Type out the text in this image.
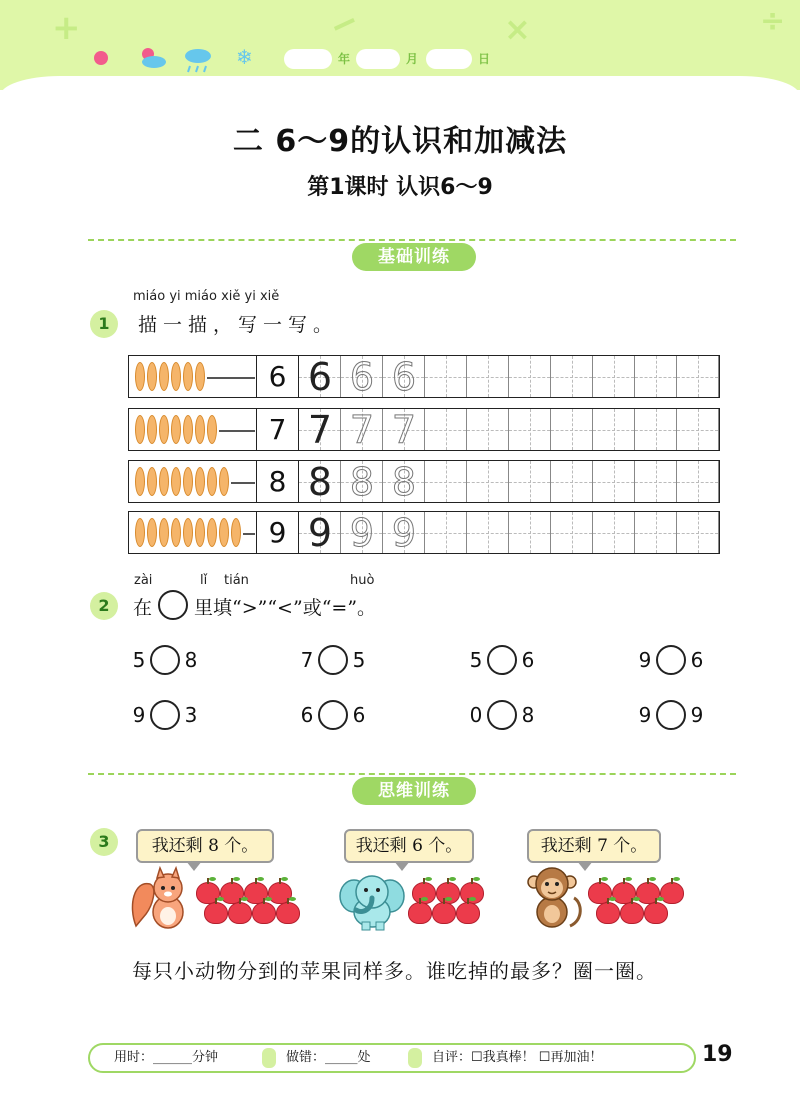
+	−	×	÷
❄	年	月	日
二 6～9的认识和加减法
第1课时 认识6～9
基础训练
miáo yi miáo xiě yi xiě
1	描一描，写一写。
6 6 6 6
7 7 7 7
8 8 8 8
9 9 9 9
zài	lǐ tián	huò
2	在 里填“>”“<”或“=”。
5 8	7 5	5 6	9 6
9 3	6 6	0 8	9 9
思维训练
3	我还剩 8 个。	我还剩 6 个。	我还剩 7 个。
每只小动物分到的苹果同样多。谁吃掉的最多？圈一圈。
用时：______分钟	做错：_____处	自评：☐我真棒！ ☐再加油！	19
